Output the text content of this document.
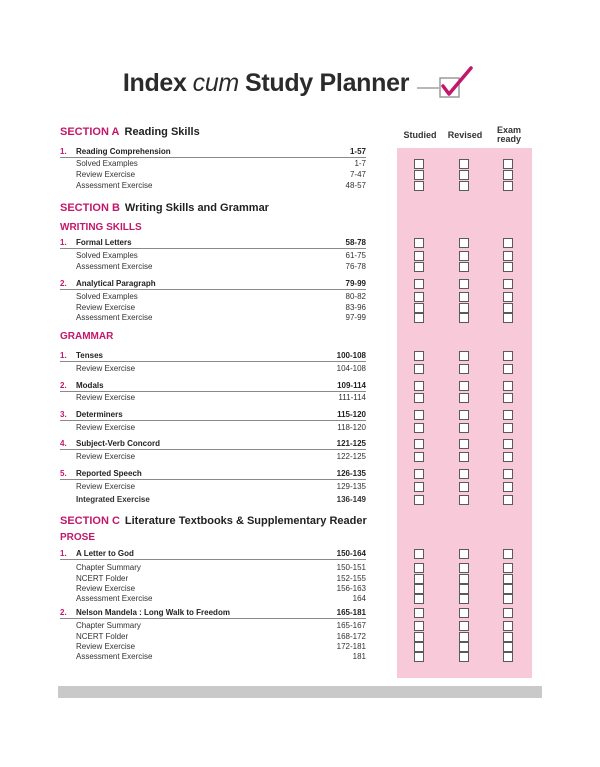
Index cum Study Planner
Studied	Revised	Exam
ready
SECTION A Reading Skills
SECTION B Writing Skills and Grammar
WRITING SKILLS
GRAMMAR
SECTION C Literature Textbooks & Supplementary Reader
PROSE
1. Reading Comprehension	1-57
Solved Examples	1-7
Review Exercise	7-47
Assessment Exercise	48-57
1. Formal Letters	58-78
Solved Examples	61-75
Assessment Exercise	76-78
2. Analytical Paragraph	79-99
Solved Examples	80-82
Review Exercise	83-96
Assessment Exercise	97-99
1. Tenses	100-108
Review Exercise	104-108
2. Modals	109-114
Review Exercise	111-114
3. Determiners	115-120
Review Exercise	118-120
4. Subject-Verb Concord	121-125
Review Exercise	122-125
5. Reported Speech	126-135
Review Exercise	129-135
Integrated Exercise	136-149
1. A Letter to God	150-164
Chapter Summary	150-151
NCERT Folder	152-155
Review Exercise	156-163
Assessment Exercise	164
2. Nelson Mandela : Long Walk to Freedom	165-181
Chapter Summary	165-167
NCERT Folder	168-172
Review Exercise	172-181
Assessment Exercise	181
